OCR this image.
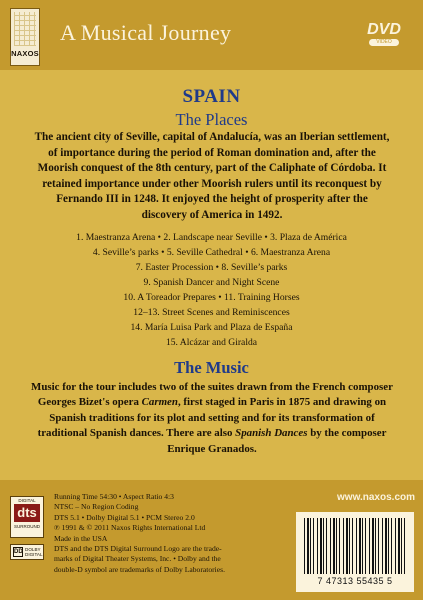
NAXOS
A Musical Journey	DVD
VIDEO
SPAIN
The Places

The ancient city of Seville, capital of Andalucía, was an Iberian settlement, of importance during the period of Roman domination and, after the Moorish conquest of the 8th century, part of the Caliphate of Córdoba. It retained importance under other Moorish rulers until its reconquest by Fernando III in 1248. It enjoyed the height of prosperity after the discovery of America in 1492.

1. Maestranza Arena • 2. Landscape near Seville • 3. Plaza de América
4. Seville’s parks • 5. Seville Cathedral • 6. Maestranza Arena
7. Easter Procession • 8. Seville’s parks
9. Spanish Dancer and Night Scene
10. A Toreador Prepares • 11. Training Horses
12–13. Street Scenes and Reminiscences
14. María Luisa Park and Plaza de España
15. Alcázar and Giralda
The Music

Music for the tour includes two of the suites drawn from the French composer Georges Bizet's opera Carmen, first staged in Paris in 1875 and drawing on Spanish traditions for its plot and setting and for its transformation of traditional Spanish dances. There are also Spanish Dances by the composer Enrique Granados.

DIGITAL
dts
SURROUND
DD DOLBY
DIGITAL
Running Time 54:30 • Aspect Ratio 4:3
NTSC – No Region Coding
DTS 5.1 • Dolby Digital 5.1 • PCM Stereo 2.0
℗ 1991 & © 2011 Naxos Rights International Ltd
Made in the USA
DTS and the DTS Digital Surround Logo are the trade-
marks of Digital Theater Systems, Inc. • Dolby and the
double-D symbol are trademarks of Dolby Laboratories.
www.naxos.com
7 47313 55435 5
